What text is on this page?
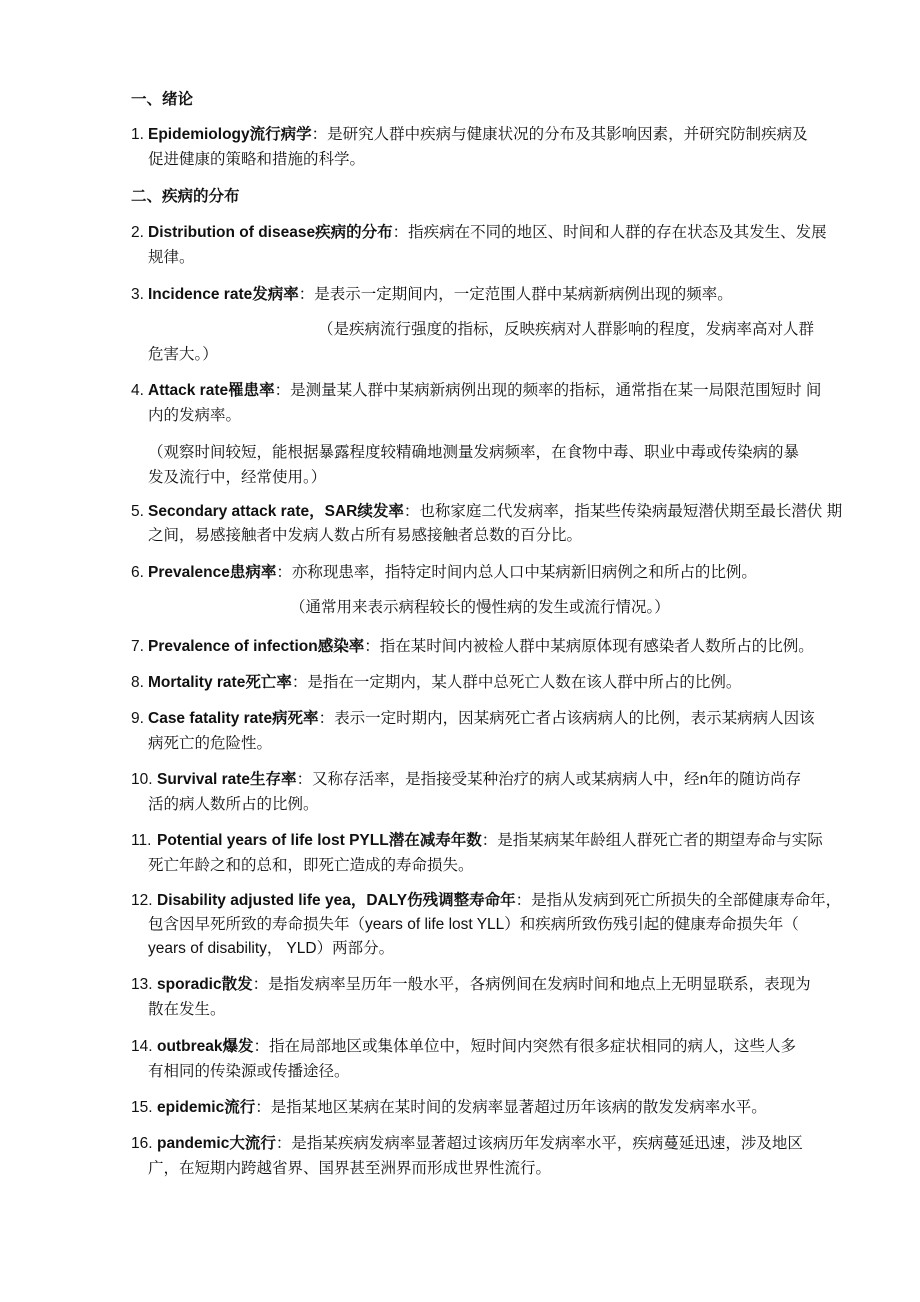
一、绪论
二、疾病的分布
1. Epidemiology流行病学：是研究人群中疾病与健康状况的分布及其影响因素，并研究防制疾病及
促进健康的策略和措施的科学。
2. Distribution of disease疾病的分布：指疾病在不同的地区、时间和人群的存在状态及其发生、发展
规律。
3. Incidence rate发病率：是表示一定期间内，一定范围人群中某病新病例出现的频率。
（是疾病流行强度的指标，反映疾病对人群影响的程度，发病率高对人群
危害大。）
4. Attack rate罹患率：是测量某人群中某病新病例出现的频率的指标，通常指在某一局限范围短时 间
内的发病率。
（观察时间较短，能根据暴露程度较精确地测量发病频率，在食物中毒、职业中毒或传染病的暴
发及流行中，经常使用。）
5. Secondary attack rate，SAR续发率：也称家庭二代发病率，指某些传染病最短潜伏期至最长潜伏 期
之间，易感接触者中发病人数占所有易感接触者总数的百分比。
6. Prevalence患病率：亦称现患率，指特定时间内总人口中某病新旧病例之和所占的比例。
（通常用来表示病程较长的慢性病的发生或流行情况。）
7. Prevalence of infection感染率：指在某时间内被检人群中某病原体现有感染者人数所占的比例。
8. Mortality rate死亡率：是指在一定期内，某人群中总死亡人数在该人群中所占的比例。
9. Case fatality rate病死率：表示一定时期内，因某病死亡者占该病病人的比例，表示某病病人因该
病死亡的危险性。
10. Survival rate生存率：又称存活率，是指接受某种治疗的病人或某病病人中，经n年的随访尚存
活的病人数所占的比例。
11. Potential years of life lost PYLL潜在减寿年数：是指某病某年龄组人群死亡者的期望寿命与实际
死亡年龄之和的总和，即死亡造成的寿命损失。
12. Disability adjusted life yea，DALY伤残调整寿命年：是指从发病到死亡所损失的全部健康寿命年，
包含因早死所致的寿命损失年（years of life lost YLL）和疾病所致伤残引起的健康寿命损失年（
years of disability， YLD）两部分。
13. sporadic散发：是指发病率呈历年一般水平，各病例间在发病时间和地点上无明显联系，表现为
散在发生。
14. outbreak爆发：指在局部地区或集体单位中，短时间内突然有很多症状相同的病人，这些人多
有相同的传染源或传播途径。
15. epidemic流行：是指某地区某病在某时间的发病率显著超过历年该病的散发发病率水平。
16. pandemic大流行：是指某疾病发病率显著超过该病历年发病率水平，疾病蔓延迅速，涉及地区
广，在短期内跨越省界、国界甚至洲界而形成世界性流行。
